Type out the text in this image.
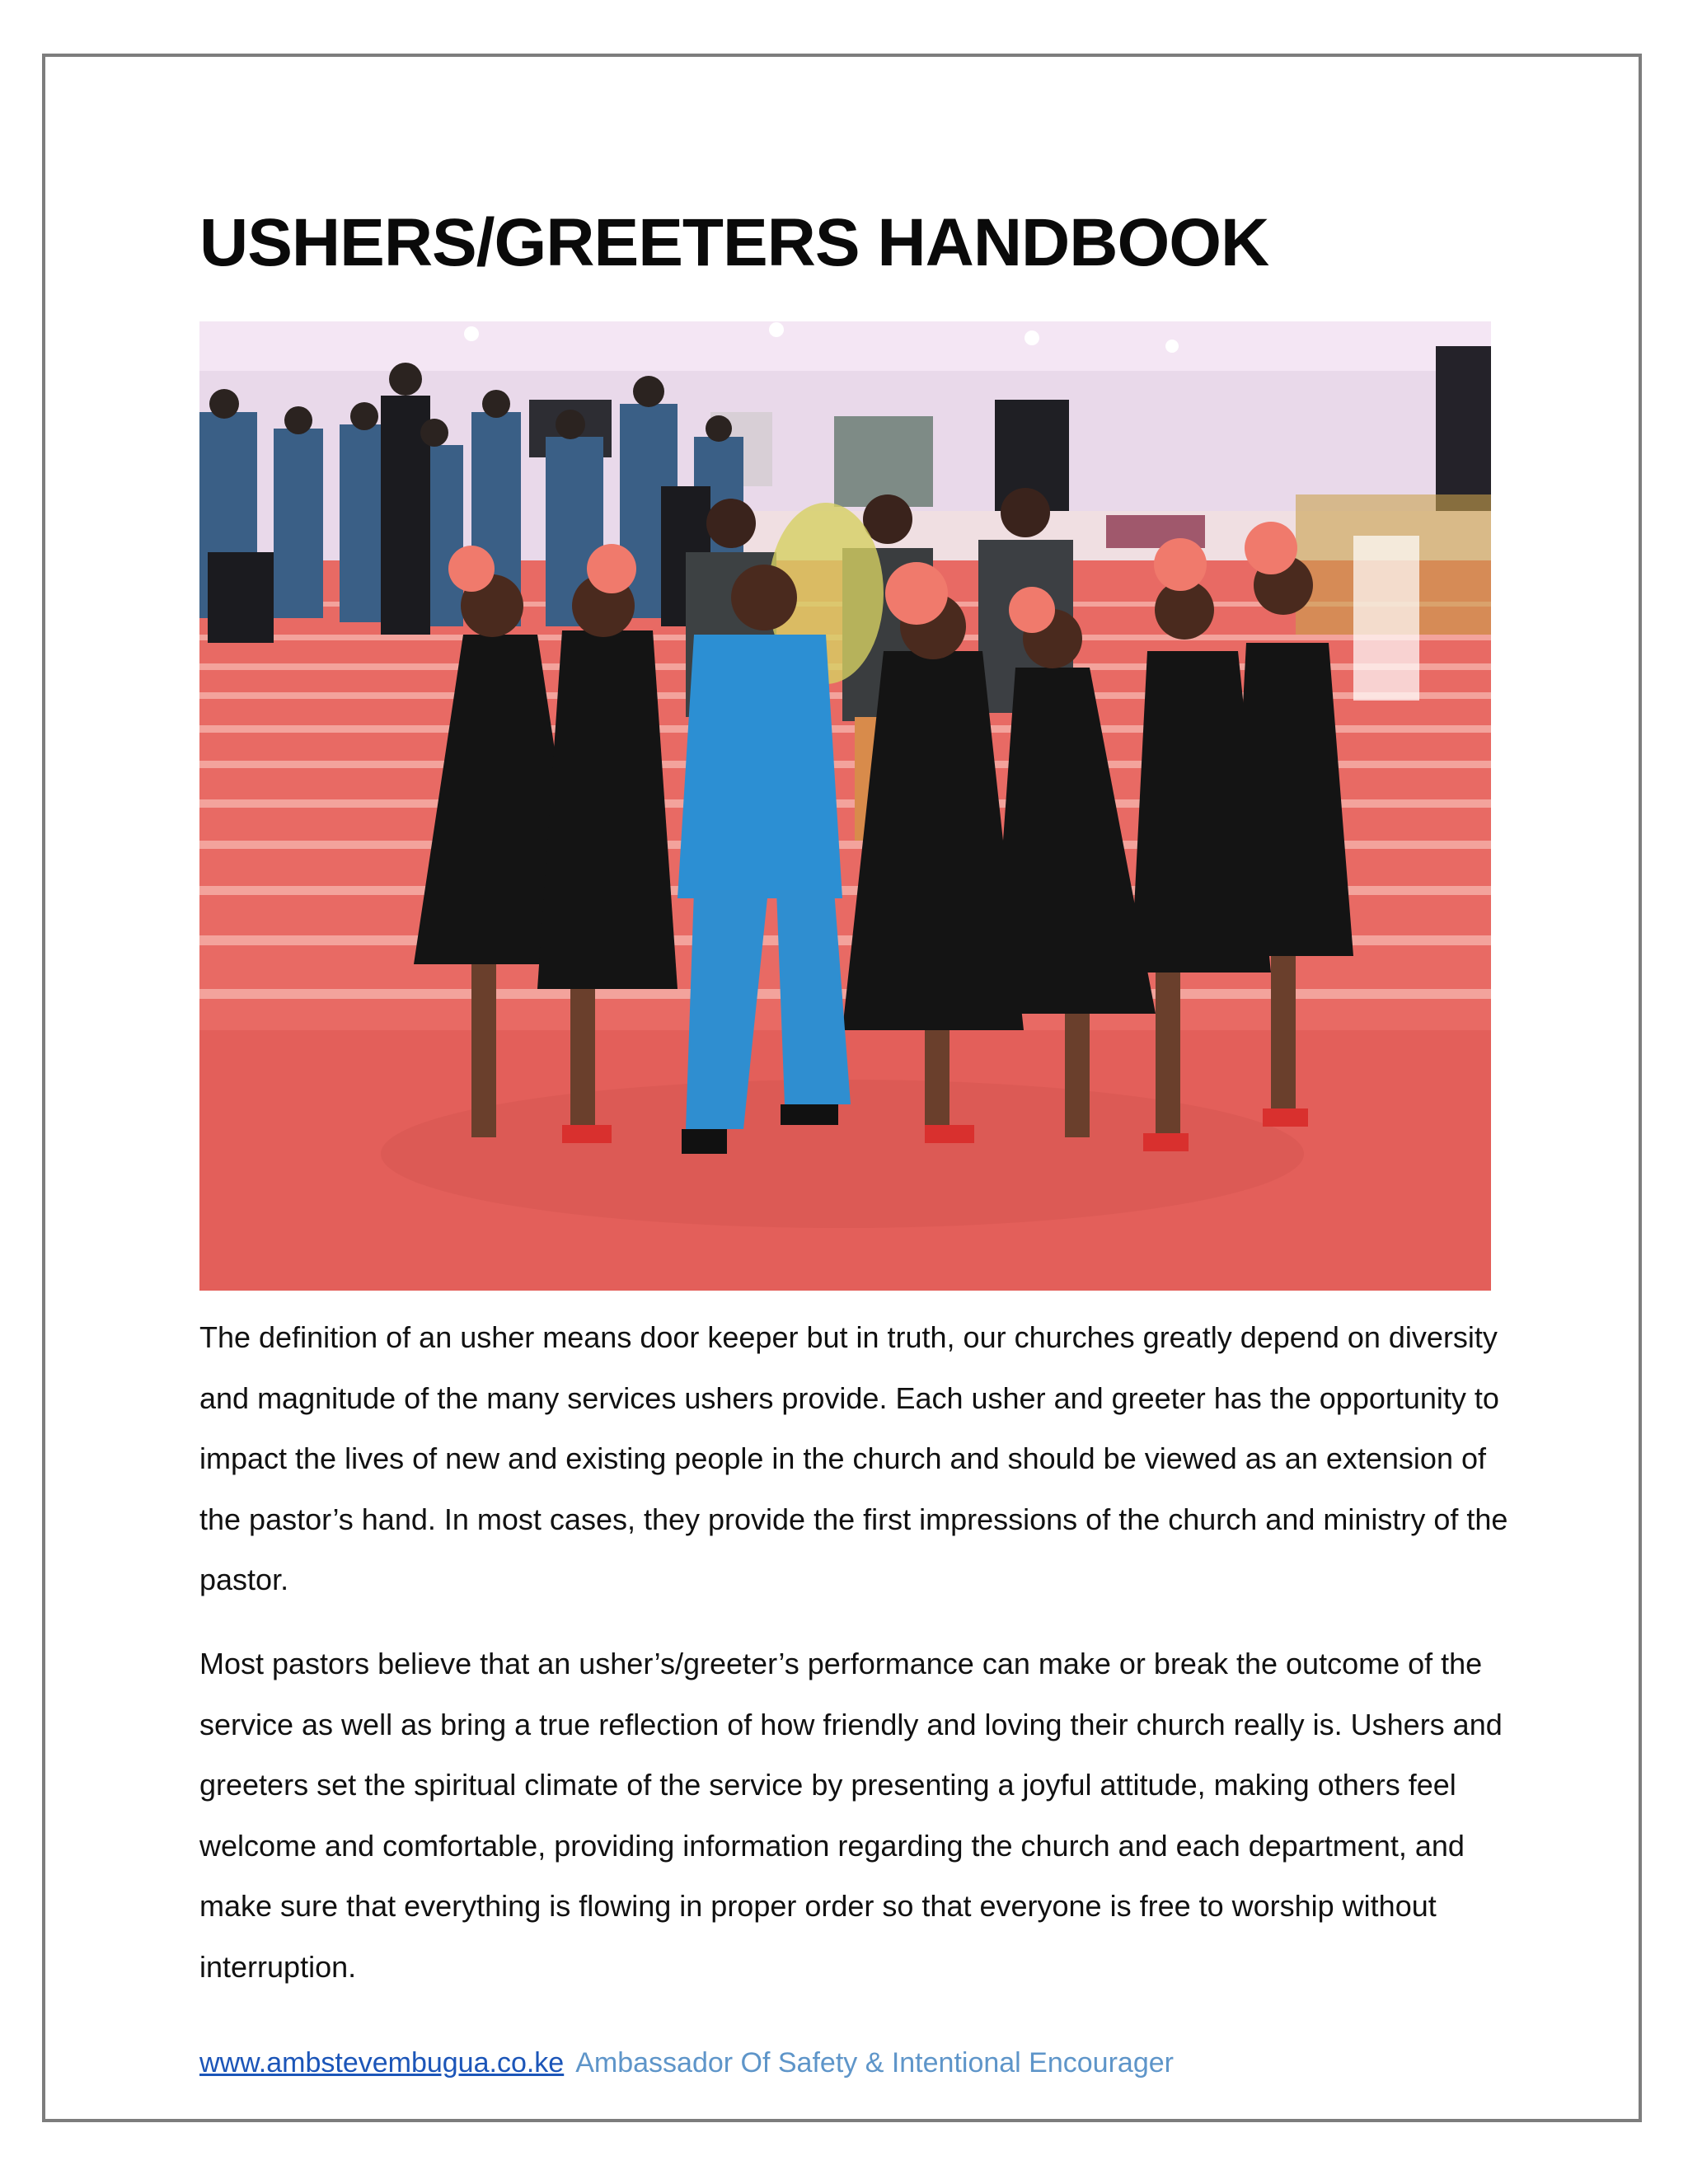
USHERS/GREETERS HANDBOOK

The definition of an usher means door keeper but in truth, our churches greatly depend on diversity and magnitude of the many services ushers provide. Each usher and greeter has the opportunity to impact the lives of new and existing people in the church and should be viewed as an extension of the pastor’s hand. In most cases, they provide the first impressions of the church and ministry of the pastor.

Most pastors believe that an usher’s/greeter’s performance can make or break the outcome of the service as well as bring a true reflection of how friendly and loving their church really is. Ushers and greeters set the spiritual climate of the service by presenting a joyful attitude, making others feel welcome and comfortable, providing information regarding the church and each department, and make sure that everything is flowing in proper order so that everyone is free to worship without interruption.

www.ambstevembugua.co.ke Ambassador Of Safety & Intentional Encourager
